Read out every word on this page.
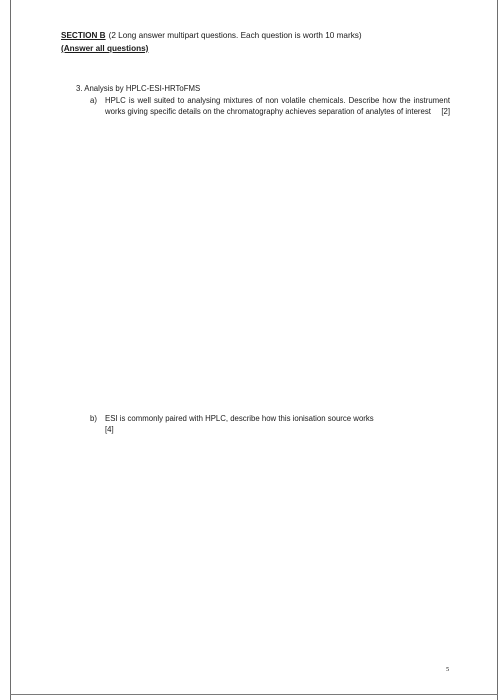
SECTION B (2 Long answer multipart questions. Each question is worth 10 marks)
(Answer all questions)
3. Analysis by HPLC-ESI-HRToFMS
a) HPLC is well suited to analysing mixtures of non volatile chemicals. Describe how the instrument works giving specific details on the chromatography achieves separation of analytes of interest [2]
b) ESI is commonly paired with HPLC, describe how this ionisation source works
[4]
5
